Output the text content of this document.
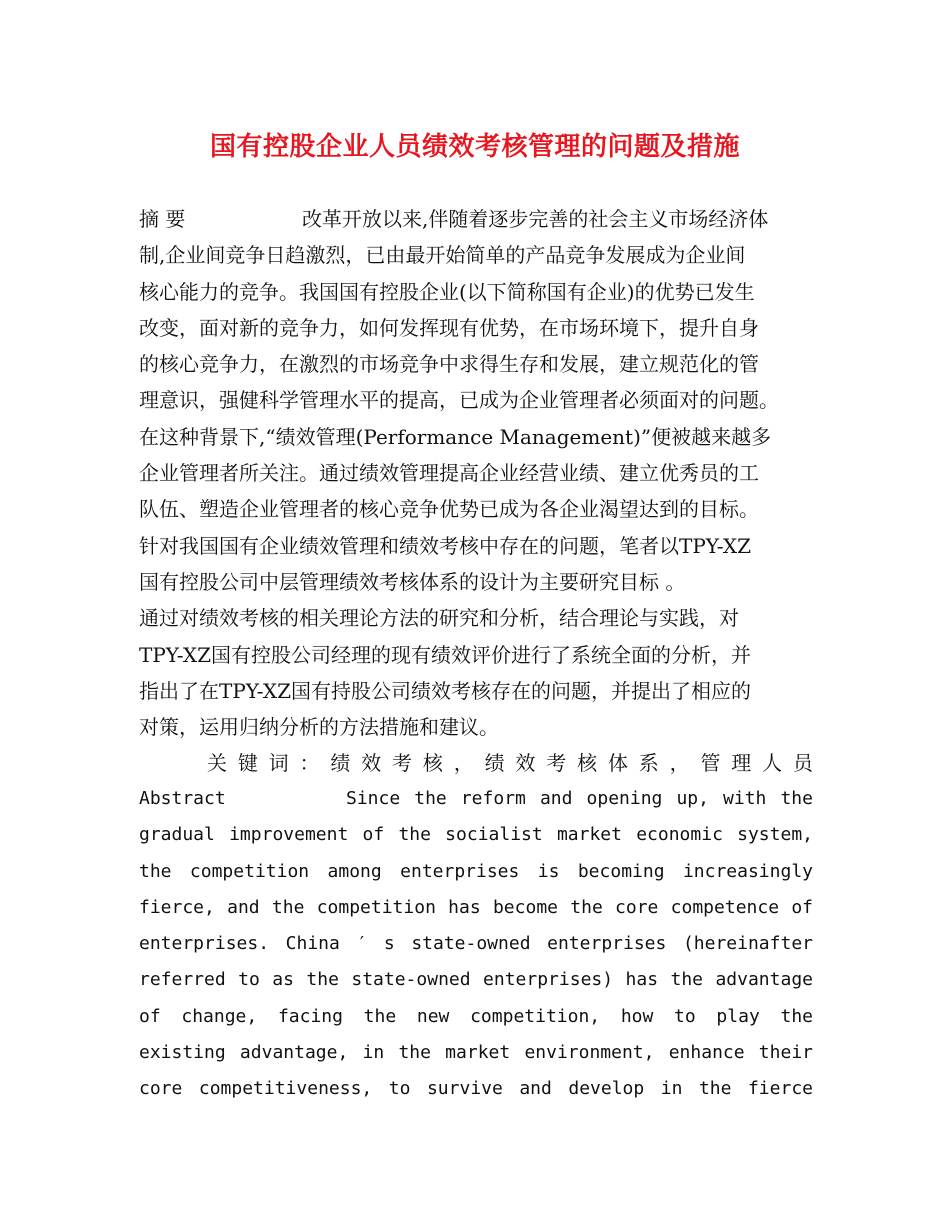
国有控股企业人员绩效考核管理的问题及措施
摘 要	改革开放以来,伴随着逐步完善的社会主义市场经济体
制,企业间竞争日趋激烈，已由最开始简单的产品竞争发展成为企业间
核心能力的竞争。我国国有控股企业(以下简称国有企业)的优势已发生
改变，面对新的竞争力，如何发挥现有优势，在市场环境下，提升自身
的核心竞争力，在激烈的市场竞争中求得生存和发展，建立规范化的管
理意识，强健科学管理水平的提高，已成为企业管理者必须面对的问题。
在这种背景下,“绩效管理(Performance Management)”便被越来越多
企业管理者所关注。通过绩效管理提高企业经营业绩、建立优秀员的工
队伍、塑造企业管理者的核心竞争优势已成为各企业渴望达到的目标。
针对我国国有企业绩效管理和绩效考核中存在的问题，笔者以TPY-XZ
国有控股公司中层管理绩效考核体系的设计为主要研究目标 。
通过对绩效考核的相关理论方法的研究和分析，结合理论与实践，对
TPY-XZ国有控股公司经理的现有绩效评价进行了系统全面的分析，并
指出了在TPY-XZ国有持股公司绩效考核存在的问题，并提出了相应的
对策，运用归纳分析的方法措施和建议。
关 键 词 ： 绩 效 考 核 ， 绩 效 考 核 体 系 ， 管 理 人 员
Abstract	Since the reform and opening up, with the
gradual improvement of the socialist market economic system,
the competition among enterprises is becoming increasingly
fierce, and the competition has become the core competence of
enterprises. China ′ s state-owned enterprises (hereinafter
referred to as the state-owned enterprises) has the advantage
of change, facing the new competition, how to play the
existing advantage, in the market environment, enhance their
core competitiveness, to survive and develop in the fierce
